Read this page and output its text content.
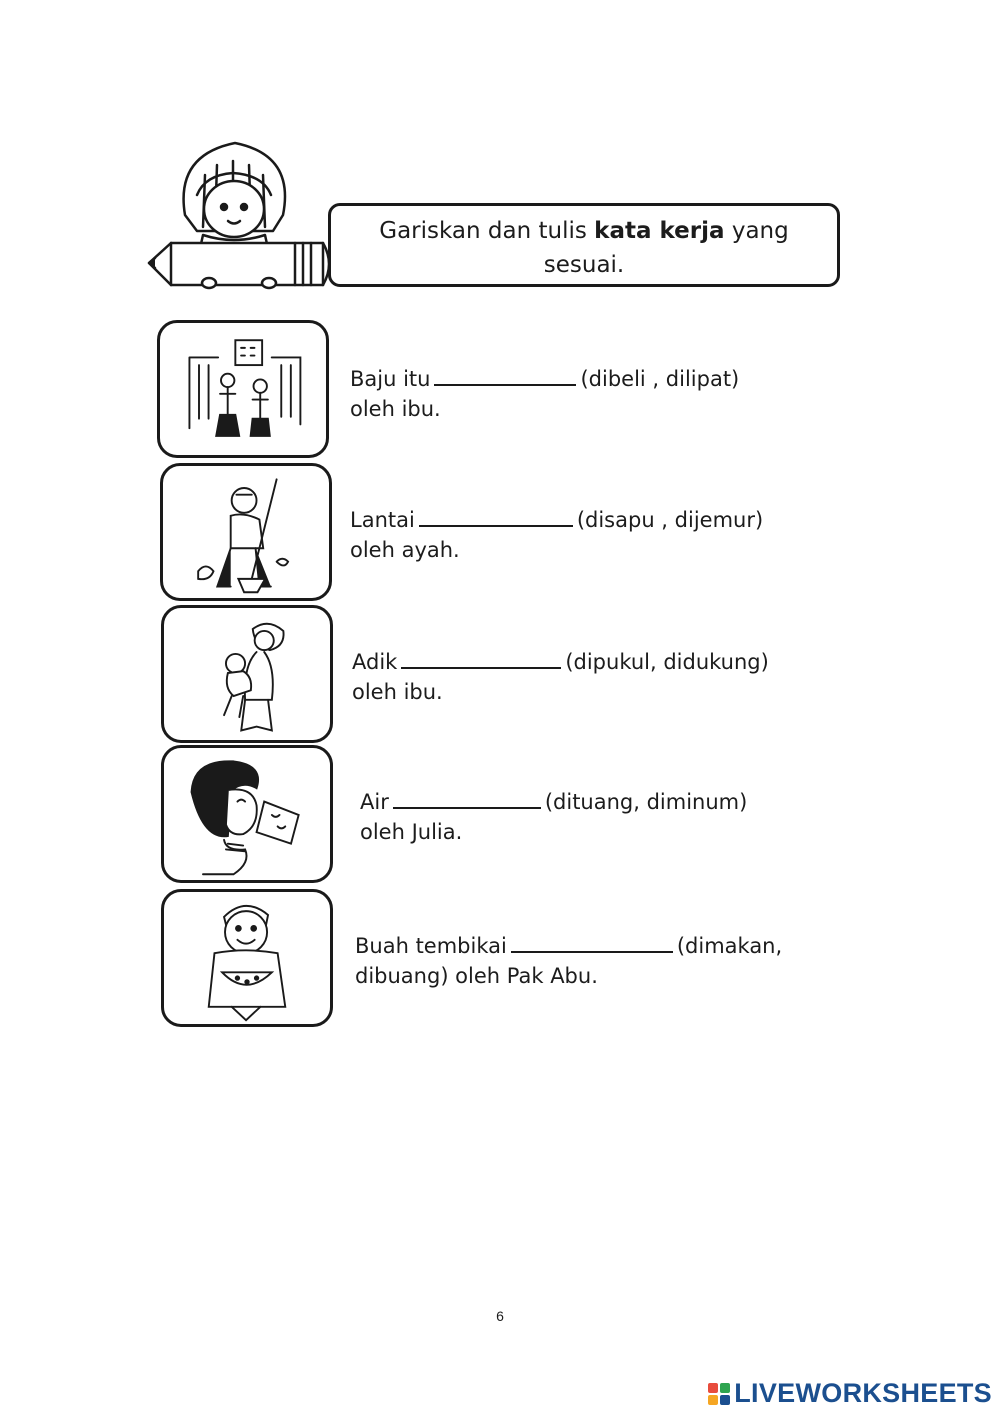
Gariskan dan tulis kata kerja yang
sesuai.
Baju itu	(dibeli , dilipat)
oleh ibu.
Lantai	(disapu , dijemur)
oleh ayah.
Adik	(dipukul, didukung)
oleh ibu.
Air	(dituang, diminum)
oleh Julia.
Buah tembikai	(dimakan,
dibuang) oleh Pak Abu.
6
LIVEWORKSHEETS
